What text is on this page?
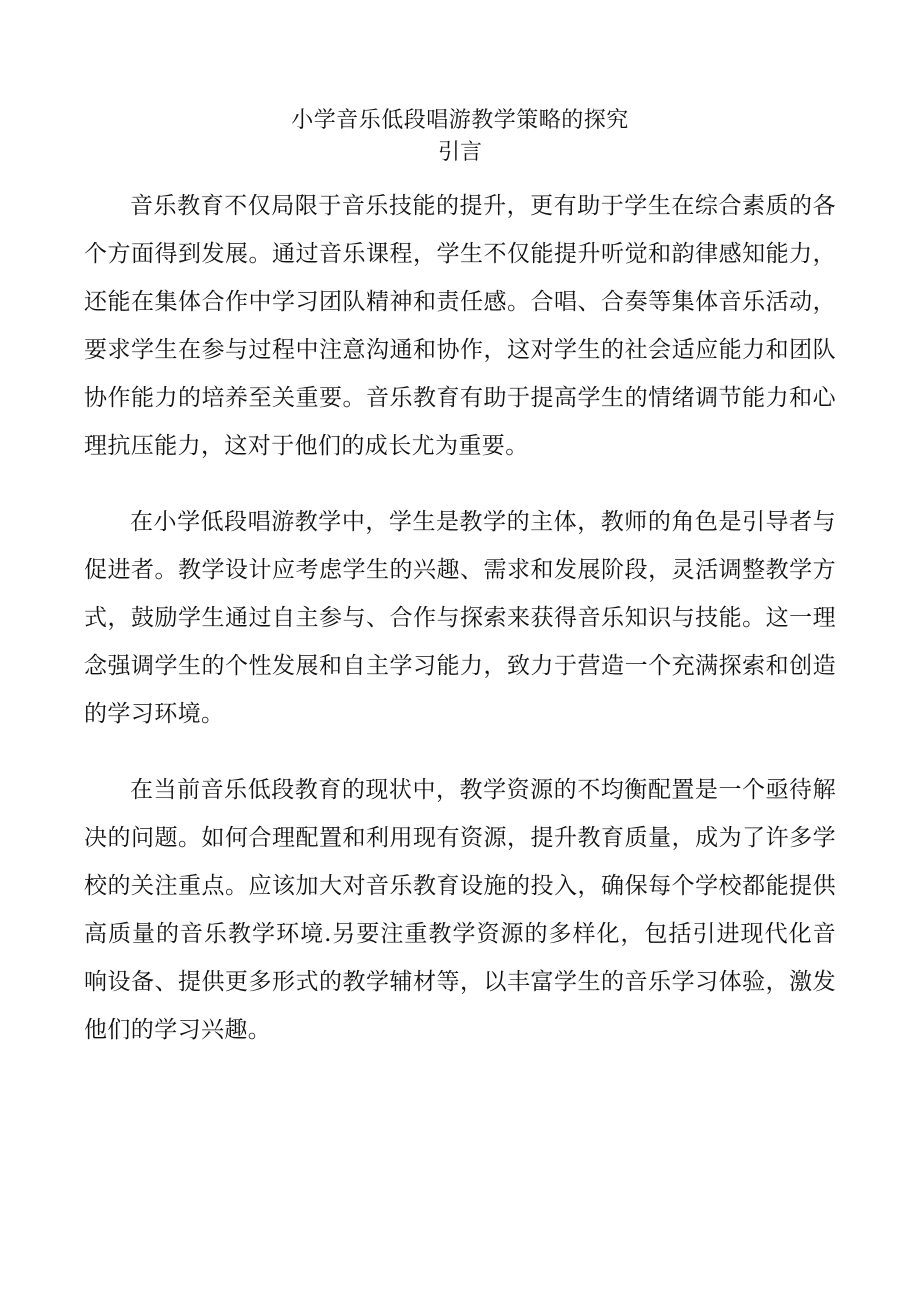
小学音乐低段唱游教学策略的探究
引言

音乐教育不仅局限于音乐技能的提升，更有助于学生在综合素质的各个方面得到发展。通过音乐课程，学生不仅能提升听觉和韵律感知能力，还能在集体合作中学习团队精神和责任感。合唱、合奏等集体音乐活动，要求学生在参与过程中注意沟通和协作，这对学生的社会适应能力和团队协作能力的培养至关重要。音乐教育有助于提高学生的情绪调节能力和心理抗压能力，这对于他们的成长尤为重要。

在小学低段唱游教学中，学生是教学的主体，教师的角色是引导者与促进者。教学设计应考虑学生的兴趣、需求和发展阶段，灵活调整教学方式，鼓励学生通过自主参与、合作与探索来获得音乐知识与技能。这一理念强调学生的个性发展和自主学习能力，致力于营造一个充满探索和创造的学习环境。

在当前音乐低段教育的现状中，教学资源的不均衡配置是一个亟待解决的问题。如何合理配置和利用现有资源，提升教育质量，成为了许多学校的关注重点。应该加大对音乐教育设施的投入，确保每个学校都能提供高质量的音乐教学环境.另要注重教学资源的多样化，包括引进现代化音响设备、提供更多形式的教学辅材等，以丰富学生的音乐学习体验，激发他们的学习兴趣。
